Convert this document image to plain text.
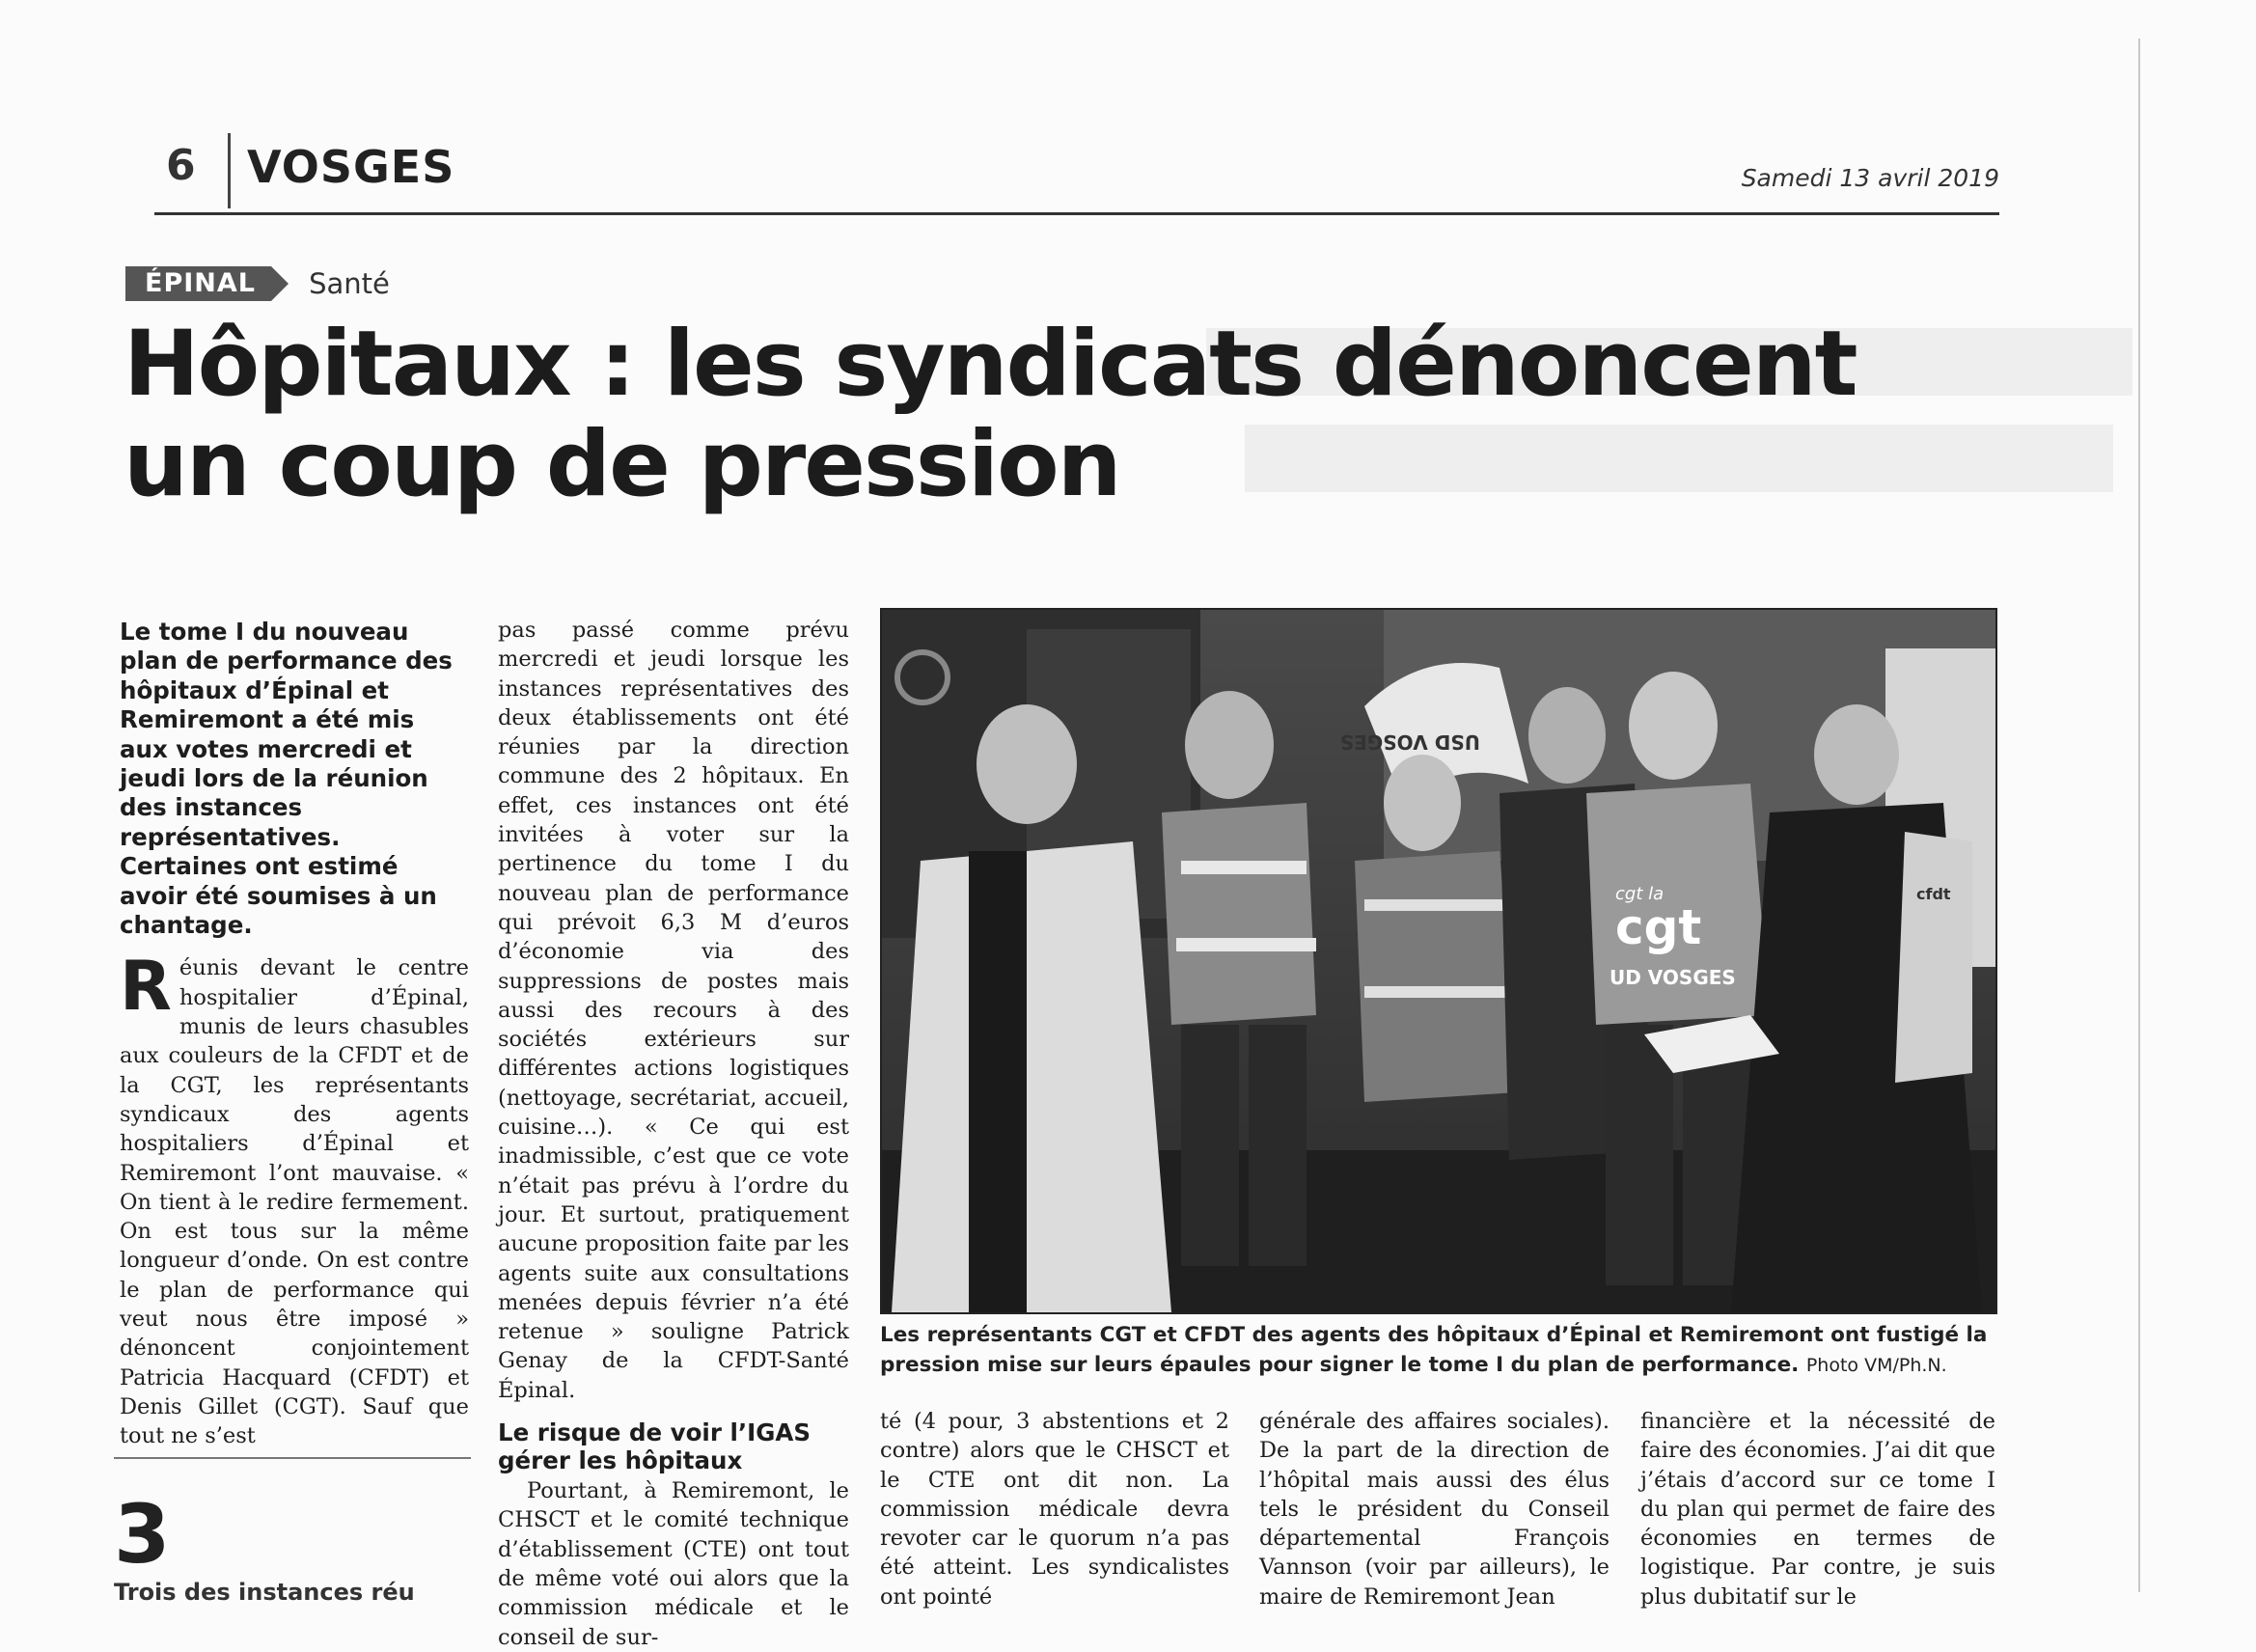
6 VOSGES	Samedi 13 avril 2019
ÉPINAL Santé
Hôpitaux : les syndicats dénoncent un coup de pression

Le tome I du nouveau plan de performance des hôpitaux d’Épinal et Remiremont a été mis aux votes mercredi et jeudi lors de la réunion des instances représentatives. Certaines ont estimé avoir été soumises à un chantage.

Réunis devant le centre hospitalier d’Épinal, munis de leurs chasubles aux couleurs de la CFDT et de la CGT, les représentants syndicaux des agents hospitaliers d’Épinal et Remiremont l’ont mauvaise. « On tient à le redire fermement. On est tous sur la même longueur d’onde. On est contre le plan de performance qui veut nous être imposé » dénoncent conjointement Patricia Hacquard (CFDT) et Denis Gillet (CGT). Sauf que tout ne s’est

pas passé comme prévu mercredi et jeudi lorsque les instances représentatives des deux établissements ont été réunies par la direction commune des 2 hôpitaux. En effet, ces instances ont été invitées à voter sur la pertinence du tome I du nouveau plan de performance qui prévoit 6,3 M d’euros d’économie via des suppressions de postes mais aussi des recours à des sociétés extérieurs sur différentes actions logistiques (nettoyage, secrétariat, accueil, cuisine…). « Ce qui est inadmissible, c’est que ce vote n’était pas prévu à l’ordre du jour. Et surtout, pratiquement aucune proposition faite par les agents suite aux consultations menées depuis février n’a été retenue » souligne Patrick Genay de la CFDT-Santé Épinal.

Le risque de voir l’IGAS gérer les hôpitaux

Pourtant, à Remiremont, le CHSCT et le comité technique d’établissement (CTE) ont tout de même voté oui alors que la commission médicale et le conseil de sur-

3
Trois des instances réu
USD VOSGES
cgt la
cgt
UD VOSGES
cfdt
Les représentants CGT et CFDT des agents des hôpitaux d’Épinal et Remiremont ont fustigé la pression mise sur leurs épaules pour signer le tome I du plan de performance. Photo VM/Ph.N.
té (4 pour, 3 abstentions et 2 contre) alors que le CHSCT et le CTE ont dit non. La commission médicale devra revoter car le quorum n’a pas été atteint. Les syndicalistes ont pointé
générale des affaires sociales). De la part de la direction de l’hôpital mais aussi des élus tels le président du Conseil départemental François Vannson (voir par ailleurs), le maire de Remiremont Jean
financière et la nécessité de faire des économies. J’ai dit que j’étais d’accord sur ce tome I du plan qui permet de faire des économies en termes de logistique. Par contre, je suis plus dubitatif sur le
